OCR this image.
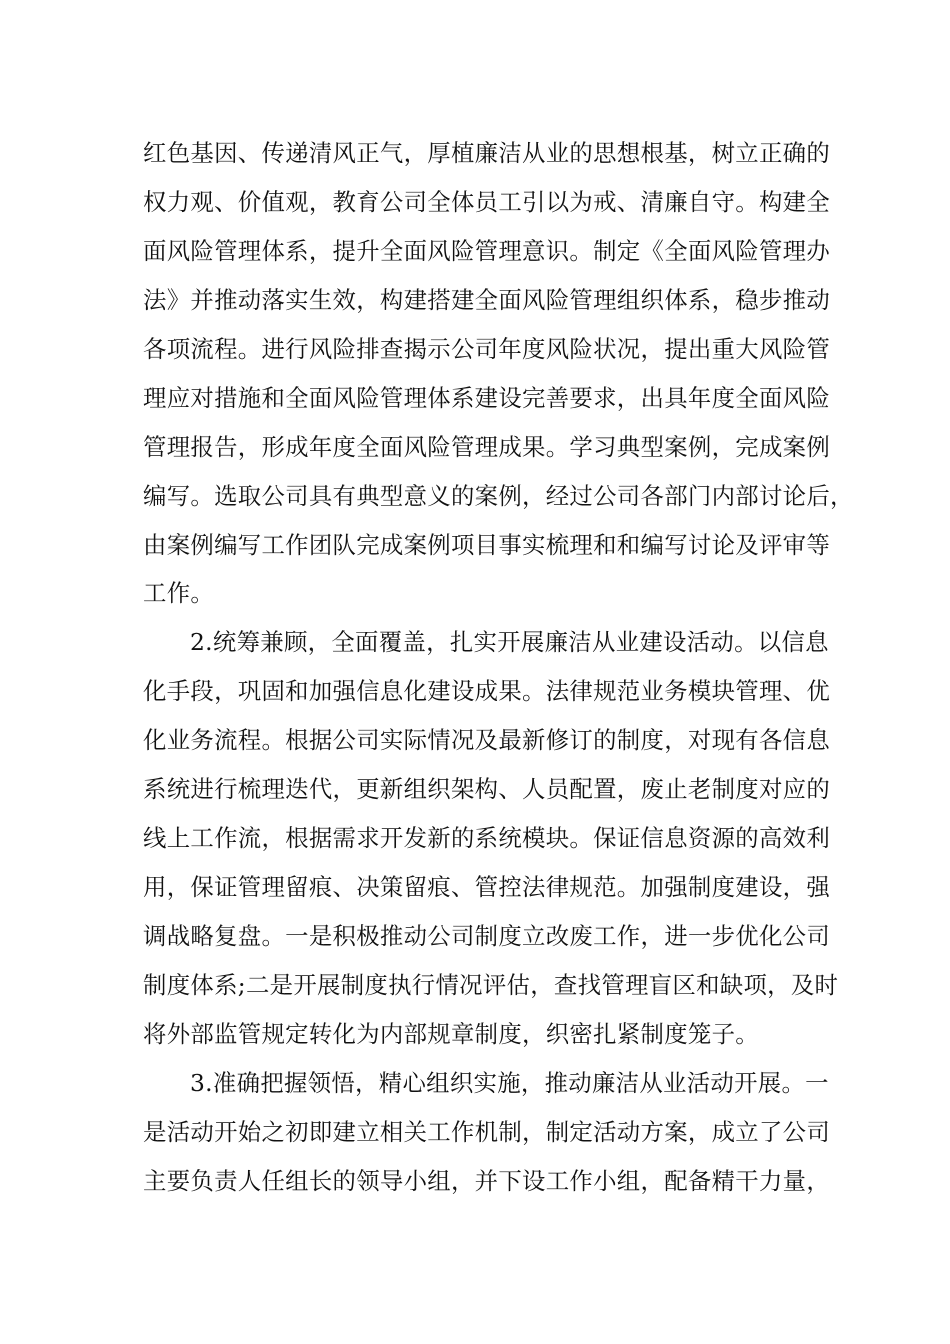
红色基因、传递清风正气，厚植廉洁从业的思想根基，树立正确的
权力观、价值观，教育公司全体员工引以为戒、清廉自守。构建全
面风险管理体系，提升全面风险管理意识。制定《全面风险管理办
法》并推动落实生效，构建搭建全面风险管理组织体系，稳步推动
各项流程。进行风险排查揭示公司年度风险状况，提出重大风险管
理应对措施和全面风险管理体系建设完善要求，出具年度全面风险
管理报告，形成年度全面风险管理成果。学习典型案例，完成案例
编写。选取公司具有典型意义的案例，经过公司各部门内部讨论后，
由案例编写工作团队完成案例项目事实梳理和和编写讨论及评审等
工作。
2.统筹兼顾，全面覆盖，扎实开展廉洁从业建设活动。以信息
化手段，巩固和加强信息化建设成果。法律规范业务模块管理、优
化业务流程。根据公司实际情况及最新修订的制度，对现有各信息
系统进行梳理迭代，更新组织架构、人员配置，废止老制度对应的
线上工作流，根据需求开发新的系统模块。保证信息资源的高效利
用，保证管理留痕、决策留痕、管控法律规范。加强制度建设，强
调战略复盘。一是积极推动公司制度立改废工作，进一步优化公司
制度体系;二是开展制度执行情况评估，查找管理盲区和缺项，及时
将外部监管规定转化为内部规章制度，织密扎紧制度笼子。
3.准确把握领悟，精心组织实施，推动廉洁从业活动开展。一
是活动开始之初即建立相关工作机制，制定活动方案，成立了公司
主要负责人任组长的领导小组，并下设工作小组，配备精干力量，
